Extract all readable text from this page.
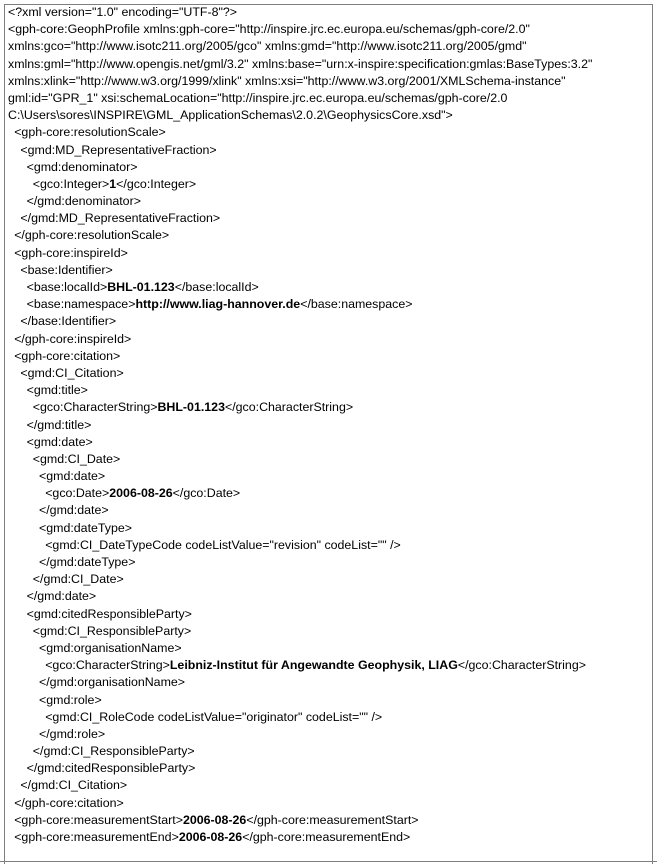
<?xml version="1.0" encoding="UTF-8"?>
<gph-core:GeophProfile xmlns:gph-core="http://inspire.jrc.ec.europa.eu/schemas/gph-core/2.0"
xmlns:gco="http://www.isotc211.org/2005/gco" xmlns:gmd="http://www.isotc211.org/2005/gmd"
xmlns:gml="http://www.opengis.net/gml/3.2" xmlns:base="urn:x-inspire:specification:gmlas:BaseTypes:3.2"
xmlns:xlink="http://www.w3.org/1999/xlink" xmlns:xsi="http://www.w3.org/2001/XMLSchema-instance"
gml:id="GPR_1" xsi:schemaLocation="http://inspire.jrc.ec.europa.eu/schemas/gph-core/2.0
C:\Users\sores\INSPIRE\GML_ApplicationSchemas\2.0.2\GeophysicsCore.xsd">
<gph-core:resolutionScale>
<gmd:MD_RepresentativeFraction>
<gmd:denominator>
<gco:Integer>1</gco:Integer>
</gmd:denominator>
</gmd:MD_RepresentativeFraction>
</gph-core:resolutionScale>
<gph-core:inspireId>
<base:Identifier>
<base:localId>BHL-01.123</base:localId>
<base:namespace>http://www.liag-hannover.de</base:namespace>
</base:Identifier>
</gph-core:inspireId>
<gph-core:citation>
<gmd:CI_Citation>
<gmd:title>
<gco:CharacterString>BHL-01.123</gco:CharacterString>
</gmd:title>
<gmd:date>
<gmd:CI_Date>
<gmd:date>
<gco:Date>2006-08-26</gco:Date>
</gmd:date>
<gmd:dateType>
<gmd:CI_DateTypeCode codeListValue="revision" codeList="" />
</gmd:dateType>
</gmd:CI_Date>
</gmd:date>
<gmd:citedResponsibleParty>
<gmd:CI_ResponsibleParty>
<gmd:organisationName>
<gco:CharacterString>Leibniz-Institut für Angewandte Geophysik, LIAG</gco:CharacterString>
</gmd:organisationName>
<gmd:role>
<gmd:CI_RoleCode codeListValue="originator" codeList="" />
</gmd:role>
</gmd:CI_ResponsibleParty>
</gmd:citedResponsibleParty>
</gmd:CI_Citation>
</gph-core:citation>
<gph-core:measurementStart>2006-08-26</gph-core:measurementStart>
<gph-core:measurementEnd>2006-08-26</gph-core:measurementEnd>
